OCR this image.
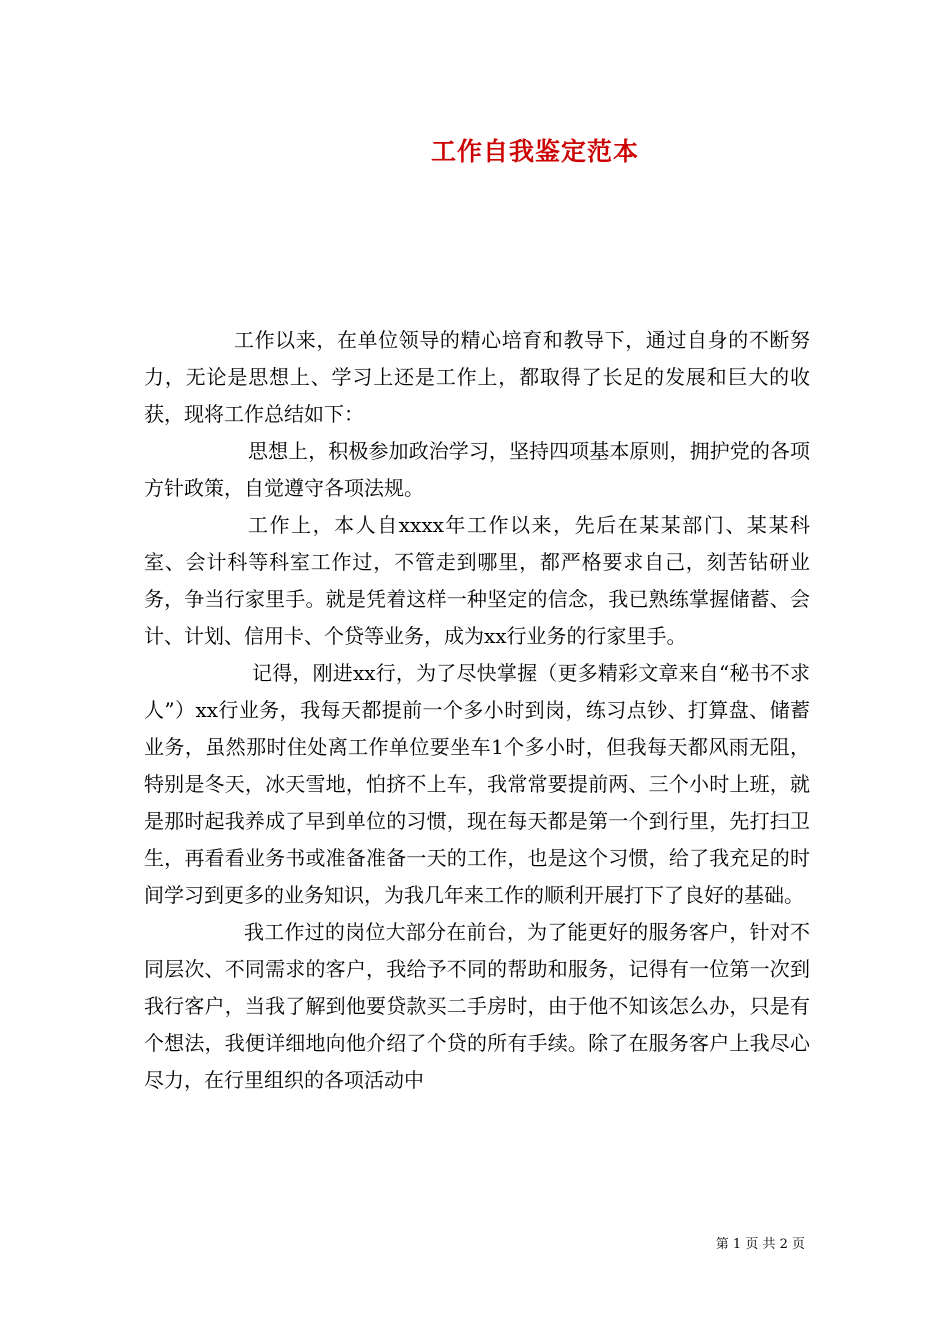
工作自我鉴定范本

工作以来，在单位领导的精心培育和教导下，通过自身的不断努力，无论是思想上、学习上还是工作上，都取得了长足的发展和巨大的收获，现将工作总结如下：

思想上，积极参加政治学习，坚持四项基本原则，拥护党的各项方针政策，自觉遵守各项法规。

工作上，本人自xxxx年工作以来，先后在某某部门、某某科室、会计科等科室工作过，不管走到哪里，都严格要求自己，刻苦钻研业务，争当行家里手。就是凭着这样一种坚定的信念，我已熟练掌握储蓄、会计、计划、信用卡、个贷等业务，成为xx行业务的行家里手。

记得，刚进xx行，为了尽快掌握（更多精彩文章来自“秘书不求人”）xx行业务，我每天都提前一个多小时到岗，练习点钞、打算盘、储蓄业务，虽然那时住处离工作单位要坐车1个多小时，但我每天都风雨无阻，特别是冬天，冰天雪地，怕挤不上车，我常常要提前两、三个小时上班，就是那时起我养成了早到单位的习惯，现在每天都是第一个到行里，先打扫卫生，再看看业务书或准备准备一天的工作，也是这个习惯，给了我充足的时间学习到更多的业务知识，为我几年来工作的顺利开展打下了良好的基础。

我工作过的岗位大部分在前台，为了能更好的服务客户，针对不同层次、不同需求的客户，我给予不同的帮助和服务，记得有一位第一次到我行客户，当我了解到他要贷款买二手房时，由于他不知该怎么办，只是有个想法，我便详细地向他介绍了个贷的所有手续。除了在服务客户上我尽心尽力，在行里组织的各项活动中

第 1 页 共 2 页
